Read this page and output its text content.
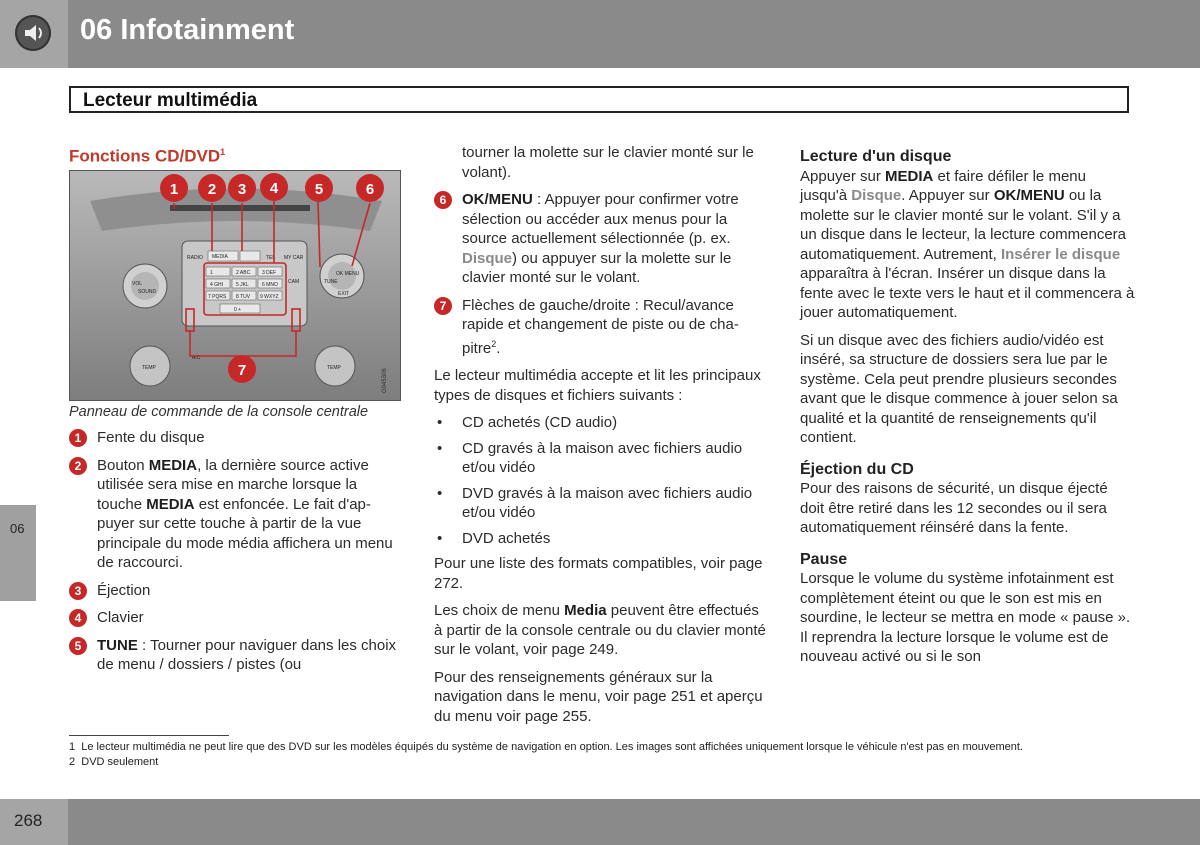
06 Infotainment
Lecteur multimédia
06
Fonctions CD/DVD$^1$
MEDIA
RADIO	TEL MY CAR
CAM
1	2 ABC 3 DEF
4 GHI	5 JKL	6 MNO
7 PQRS 8 TUV 9 WXYZ
0 +
VOL
SOUND
OK MENU
TUNE
EXIT
TEMP	TEMP
A/C
1 2 3 4 5	6
7	G045306
Panneau de commande de la console centrale
1	Fente du disque
2	Bouton MEDIA, la dernière source active utilisée sera mise en marche lorsque la touche MEDIA est enfoncée. Le fait d'appuyer sur cette touche à partir de la vue principale du mode média affichera un menu de raccourci.
3	Éjection
4	Clavier
5	TUNE : Tourner pour naviguer dans les choix de menu / dossiers / pistes (ou

tourner la molette sur le clavier monté sur le volant).

6	OK/MENU : Appuyer pour confirmer votre sélection ou accéder aux menus pour la source actuellement sélectionnée (p. ex. Disque) ou appuyer sur la molette sur le clavier monté sur le volant.
7	Flèches de gauche/droite : Recul/avance rapide et changement de piste ou de chapitre$^2$.

Le lecteur multimédia accepte et lit les principaux types de disques et fichiers suivants :

• CD achetés (CD audio)
• CD gravés à la maison avec fichiers audio et/ou vidéo
• DVD gravés à la maison avec fichiers audio et/ou vidéo
• DVD achetés

Pour une liste des formats compatibles, voir page 272.

Les choix de menu Media peuvent être effectués à partir de la console centrale ou du clavier monté sur le volant, voir page 249.

Pour des renseignements généraux sur la navigation dans le menu, voir page 251 et aperçu du menu voir page 255.

Lecture d'un disque

Appuyer sur MEDIA et faire défiler le menu jusqu'à Disque. Appuyer sur OK/MENU ou la molette sur le clavier monté sur le volant. S'il y a un disque dans le lecteur, la lecture commencera automatiquement. Autrement, Insérer le disque apparaîtra à l'écran. Insérer un disque dans la fente avec le texte vers le haut et il commencera à jouer automatiquement.

Si un disque avec des fichiers audio/vidéo est inséré, sa structure de dossiers sera lue par le système. Cela peut prendre plusieurs secondes avant que le disque commence à jouer selon sa qualité et la quantité de renseignements qu'il contient.

Éjection du CD

Pour des raisons de sécurité, un disque éjecté doit être retiré dans les 12 secondes ou il sera automatiquement réinséré dans la fente.

Pause

Lorsque le volume du système infotainment est complètement éteint ou que le son est mis en sourdine, le lecteur se mettra en mode « pause ». Il reprendra la lecture lorsque le volume est de nouveau activé ou si le son

1 Le lecteur multimédia ne peut lire que des DVD sur les modèles équipés du système de navigation en option. Les images sont affichées uniquement lorsque le véhicule n'est pas en mouvement.
2 DVD seulement
268
